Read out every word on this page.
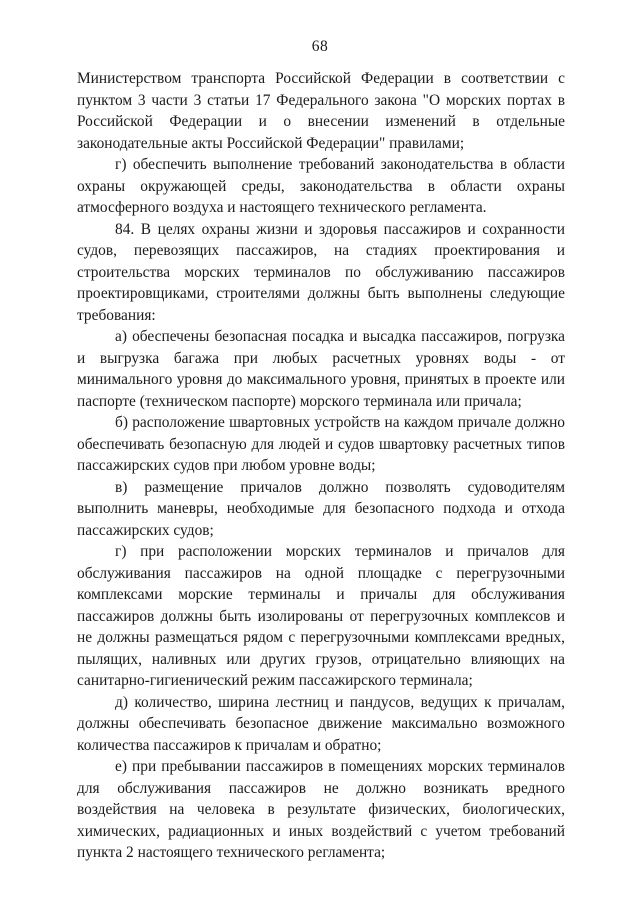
68

Министерством транспорта Российской Федерации в соответствии с пунктом 3 части 3 статьи 17 Федерального закона "О морских портах в Российской Федерации и о внесении изменений в отдельные законодательные акты Российской Федерации" правилами;

г) обеспечить выполнение требований законодательства в области охраны окружающей среды, законодательства в области охраны атмосферного воздуха и настоящего технического регламента.

84. В целях охраны жизни и здоровья пассажиров и сохранности судов, перевозящих пассажиров, на стадиях проектирования и строительства морских терминалов по обслуживанию пассажиров проектировщиками, строителями должны быть выполнены следующие требования:

а) обеспечены безопасная посадка и высадка пассажиров, погрузка и выгрузка багажа при любых расчетных уровнях воды - от минимального уровня до максимального уровня, принятых в проекте или паспорте (техническом паспорте) морского терминала или причала;

б) расположение швартовных устройств на каждом причале должно обеспечивать безопасную для людей и судов швартовку расчетных типов пассажирских судов при любом уровне воды;

в) размещение причалов должно позволять судоводителям выполнить маневры, необходимые для безопасного подхода и отхода пассажирских судов;

г) при расположении морских терминалов и причалов для обслуживания пассажиров на одной площадке с перегрузочными комплексами морские терминалы и причалы для обслуживания пассажиров должны быть изолированы от перегрузочных комплексов и не должны размещаться рядом с перегрузочными комплексами вредных, пылящих, наливных или других грузов, отрицательно влияющих на санитарно-гигиенический режим пассажирского терминала;

д) количество, ширина лестниц и пандусов, ведущих к причалам, должны обеспечивать безопасное движение максимально возможного количества пассажиров к причалам и обратно;

е) при пребывании пассажиров в помещениях морских терминалов для обслуживания пассажиров не должно возникать вредного воздействия на человека в результате физических, биологических, химических, радиационных и иных воздействий с учетом требований пункта 2 настоящего технического регламента;
